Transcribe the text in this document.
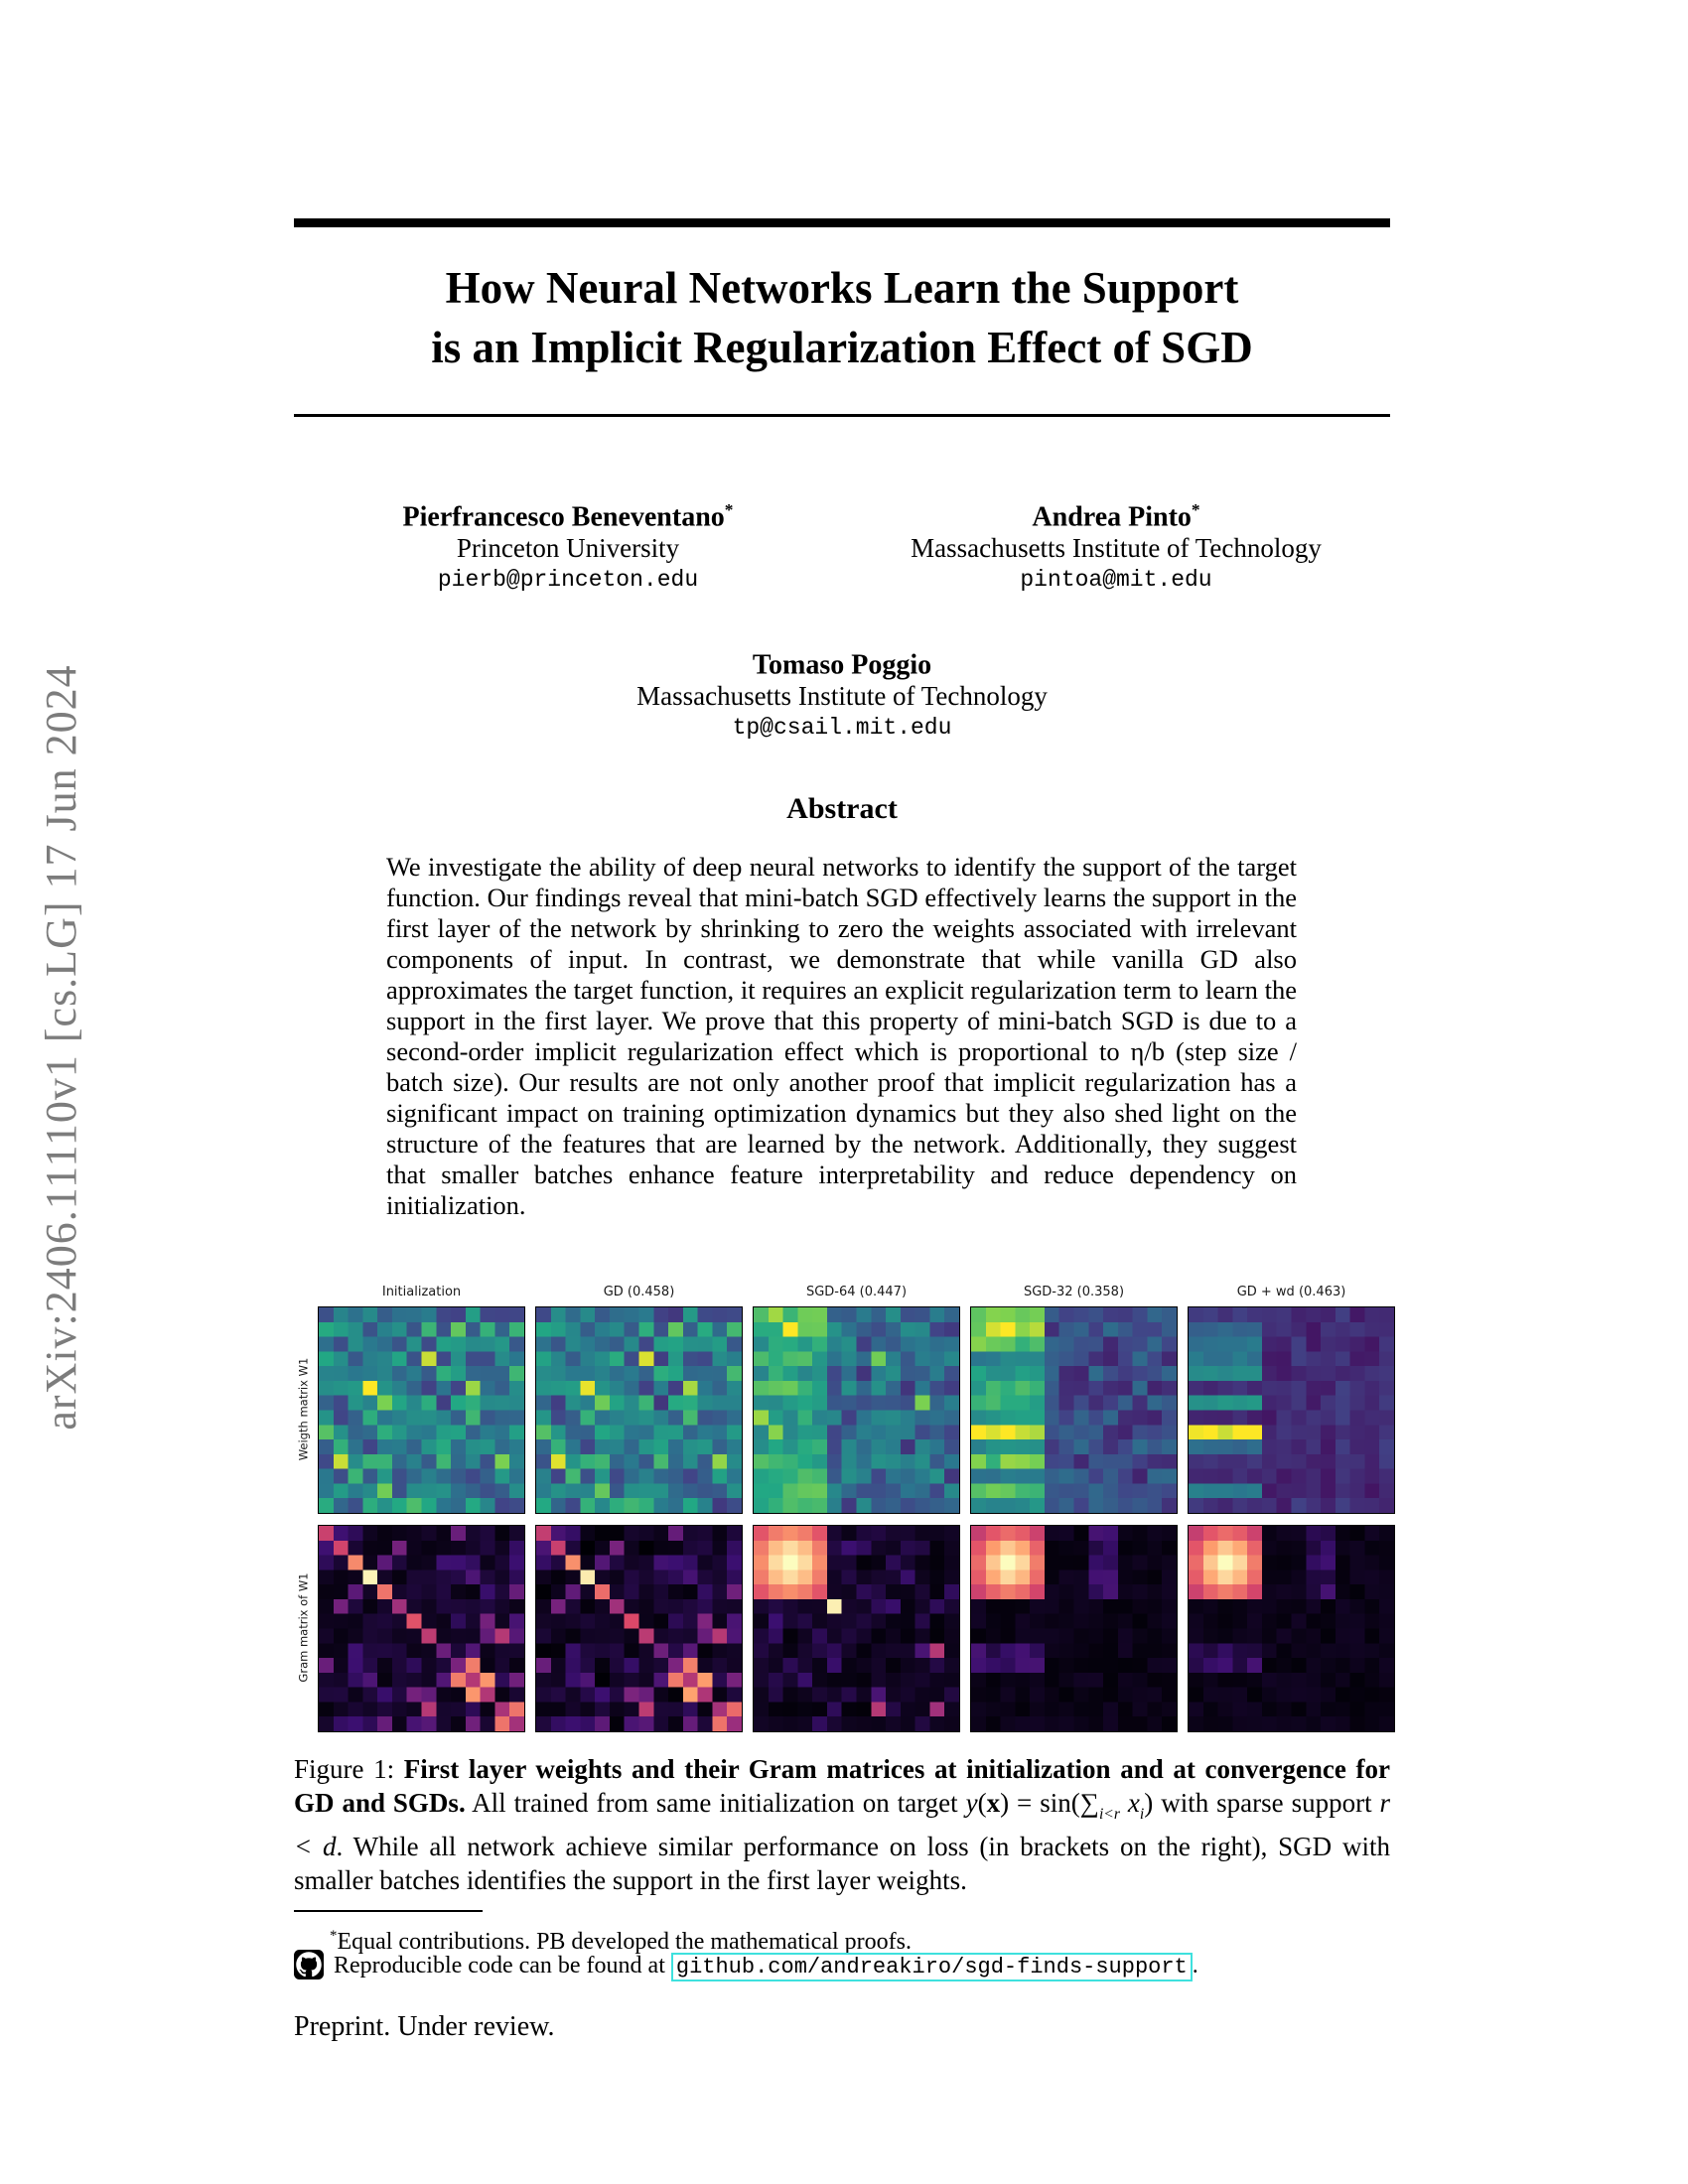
arXiv:2406.11110v1 [cs.LG] 17 Jun 2024
How Neural Networks Learn the Support
is an Implicit Regularization Effect of SGD
Pierfrancesco Beneventano*
Princeton University
pierb@princeton.edu
Andrea Pinto*
Massachusetts Institute of Technology
pintoa@mit.edu
Tomaso Poggio
Massachusetts Institute of Technology
tp@csail.mit.edu
Abstract

We investigate the ability of deep neural networks to identify the support of the target function. Our findings reveal that mini-batch SGD effectively learns the support in the first layer of the network by shrinking to zero the weights associated with irrelevant components of input. In contrast, we demonstrate that while vanilla GD also approximates the target function, it requires an explicit regularization term to learn the support in the first layer. We prove that this property of mini-batch SGD is due to a second-order implicit regularization effect which is proportional to η/b (step size / batch size). Our results are not only another proof that implicit regularization has a significant impact on training optimization dynamics but they also shed light on the structure of the features that are learned by the network. Additionally, they suggest that smaller batches enhance feature interpretability and reduce dependency on initialization.

Initialization	GD (0.458)	SGD-64 (0.447)	SGD-32 (0.358)	GD + wd (0.463)
Weigth matrix W1
Gram matrix of W1

Figure 1: First layer weights and their Gram matrices at initialization and at convergence for GD and SGDs. All trained from same initialization on target $y(x) = \sin(\sum_{i<r}$ $x_i$) with sparse support r < d. While all network achieve similar performance on loss (in brackets on the right), SGD with smaller batches identifies the support in the first layer weights.

*Equal contributions. PB developed the mathematical proofs.

Reproducible code can be found at github.com/andreakiro/sgd-finds-support .

Preprint. Under review.
